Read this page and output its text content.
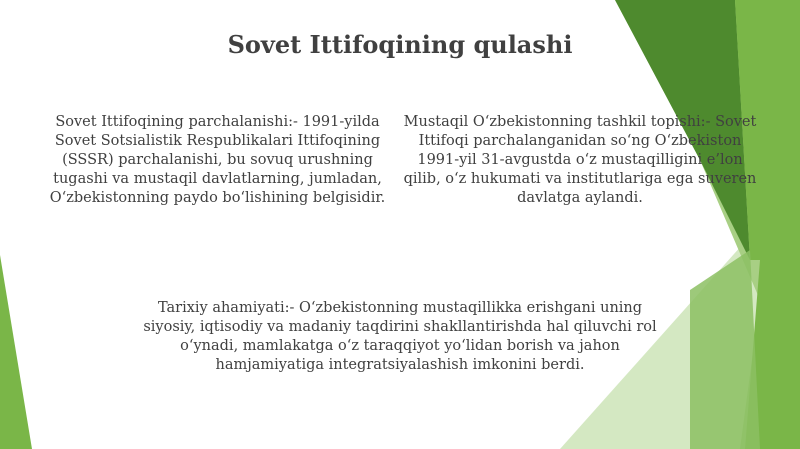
Sovet Ittifoqining qulashi
Sovet Ittifoqining parchalanishi:- 1991-yilda Sovet Sotsialistik Respublikalari Ittifoqining (SSSR) parchalanishi, bu sovuq urushning tugashi va mustaqil davlatlarning, jumladan, O‘zbekistonning paydo bo‘lishining belgisidir.
Mustaqil O‘zbekistonning tashkil topishi:- Sovet Ittifoqi parchalanganidan so‘ng O‘zbekiston 1991-yil 31-avgustda o‘z mustaqilligini e’lon qilib, o‘z hukumati va institutlariga ega suveren davlatga aylandi.
Tarixiy ahamiyati:- O‘zbekistonning mustaqillikka erishgani uning siyosiy, iqtisodiy va madaniy taqdirini shakllantirishda hal qiluvchi rol o‘ynadi, mamlakatga o‘z taraqqiyot yo‘lidan borish va jahon hamjamiyatiga integratsiyalashish imkonini berdi.
